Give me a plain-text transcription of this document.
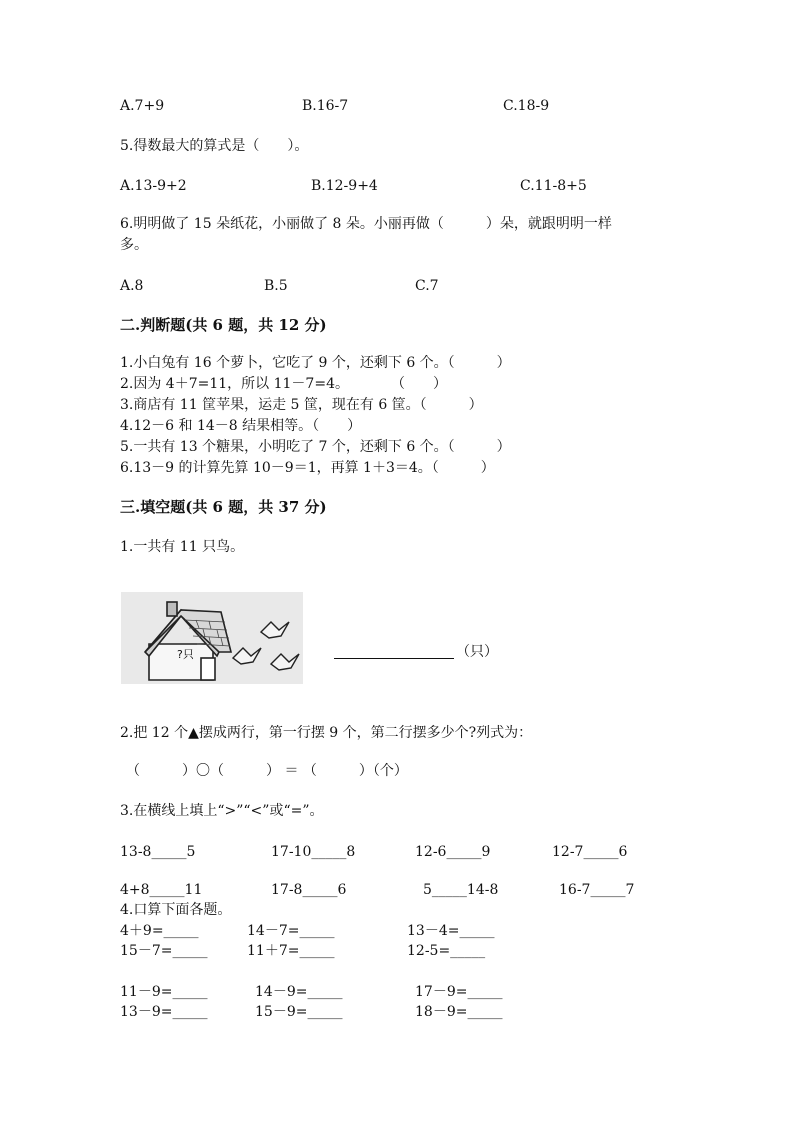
A.7+9	B.16-7	C.18-9
5.得数最大的算式是（　　）。
A.13-9+2	B.12-9+4	C.11-8+5
6.明明做了 15 朵纸花，小丽做了 8 朵。小丽再做（　　　）朵，就跟明明一样
多。
A.8	B.5	C.7
二.判断题(共 6 题，共 12 分)
1.小白兔有 16 个萝卜，它吃了 9 个，还剩下 6 个。（　　　）
2.因为 4＋7=11，所以 11－7=4。　　　　（　　）
3.商店有 11 筐苹果，运走 5 筐，现在有 6 筐。（　　　）
4.12－6 和 14－8 结果相等。（　　）
5.一共有 13 个糖果，小明吃了 7 个，还剩下 6 个。（　　　）
6.13－9 的计算先算 10－9＝1，再算 1＋3＝4。（　　　）
三.填空题(共 6 题，共 37 分)
1.一共有 11 只鸟。
?只	（只）
2.把 12 个▲摆成两行，第一行摆 9 个，第二行摆多少个?列式为：
（　　　）〇（　　　） ＝ （　　　）（个）
3.在横线上填上“>”“<”或“=”。
13-8_____5	17-10_____8	12-6_____9	12-7_____6
4+8_____11	17-8_____6	5_____14-8	16-7_____7
4.口算下面各题。
4＋9=_____	14－7=_____	13－4=_____
15－7=_____	11＋7=_____	12-5=_____
11－9=_____	14－9=_____	17－9=_____
13－9=_____	15－9=_____	18－9=_____
